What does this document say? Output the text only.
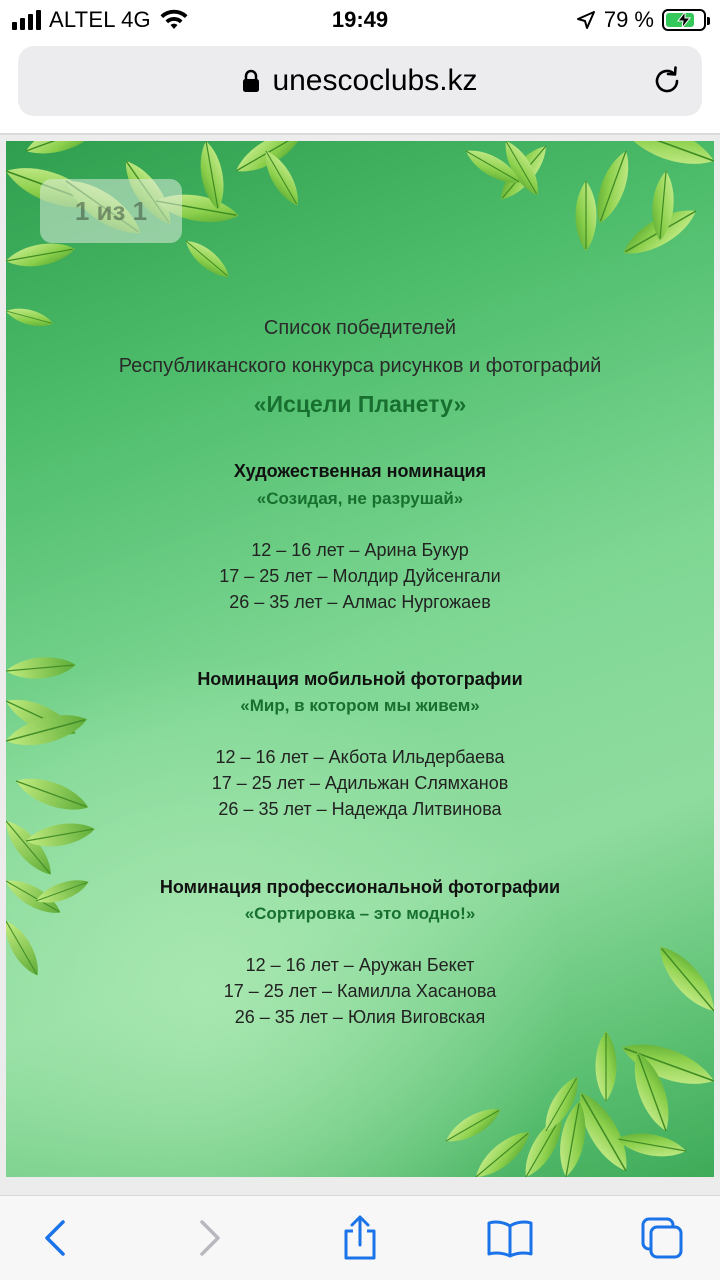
ALTEL 4G	19:49	79 %
unescoclubs.kz
1 из 1
Список победителей
Республиканского конкурса рисунков и фотографий
«Исцели Планету»
Художественная номинация
«Созидая, не разрушай»
12 – 16 лет – Арина Букур
17 – 25 лет – Молдир Дуйсенгали
26 – 35 лет – Алмас Нургожаев
Номинация мобильной фотографии
«Мир, в котором мы живем»
12 – 16 лет – Акбота Ильдербаева
17 – 25 лет – Адильжан Слямханов
26 – 35 лет – Надежда Литвинова
Номинация профессиональной фотографии
«Сортировка – это модно!»
12 – 16 лет – Аружан Бекет
17 – 25 лет – Камилла Хасанова
26 – 35 лет – Юлия Виговская
